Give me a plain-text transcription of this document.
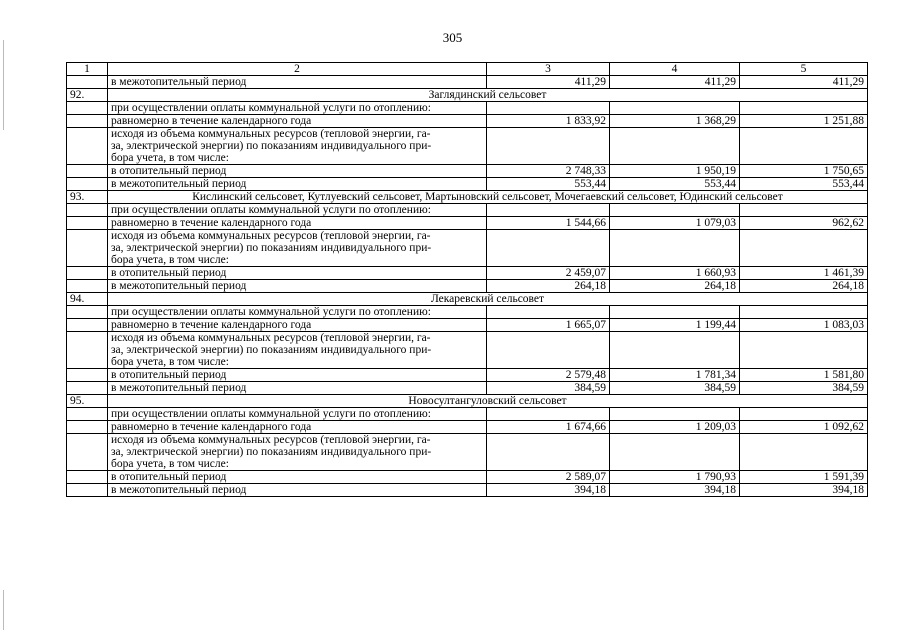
305
1	2	3	4	5
	в межотопительный период	411,29	411,29	411,29
92.	Заглядинский сельсовет			
	при осуществлении оплаты коммунальной услуги по отоплению:			
	равномерно в течение календарного года	1 833,92	1 368,29	1 251,88

	исходя из объема коммунальных ресурсов (тепловой энергии, га-
за, электрической энергии) по показаниям индивидуального при-
бора учета, в том числе:			

	в отопительный период	2 748,33	1 950,19	1 750,65
	в межотопительный период	553,44	553,44	553,44
93.	Кислинский сельсовет, Кутлуевский сельсовет, Мартыновский сельсовет, Мочегаевский сельсовет, Юдинский сельсовет			
	при осуществлении оплаты коммунальной услуги по отоплению:			
	равномерно в течение календарного года	1 544,66	1 079,03	962,62

	исходя из объема коммунальных ресурсов (тепловой энергии, га-
за, электрической энергии) по показаниям индивидуального при-
бора учета, в том числе:			

	в отопительный период	2 459,07	1 660,93	1 461,39
	в межотопительный период	264,18	264,18	264,18
94.	Лекаревский сельсовет			
	при осуществлении оплаты коммунальной услуги по отоплению:			
	равномерно в течение календарного года	1 665,07	1 199,44	1 083,03

	исходя из объема коммунальных ресурсов (тепловой энергии, га-
за, электрической энергии) по показаниям индивидуального при-
бора учета, в том числе:			

	в отопительный период	2 579,48	1 781,34	1 581,80
	в межотопительный период	384,59	384,59	384,59
95.	Новосултангуловский сельсовет			
	при осуществлении оплаты коммунальной услуги по отоплению:			
	равномерно в течение календарного года	1 674,66	1 209,03	1 092,62

	исходя из объема коммунальных ресурсов (тепловой энергии, га-
за, электрической энергии) по показаниям индивидуального при-
бора учета, в том числе:			

	в отопительный период	2 589,07	1 790,93	1 591,39
	в межотопительный период	394,18	394,18	394,18
